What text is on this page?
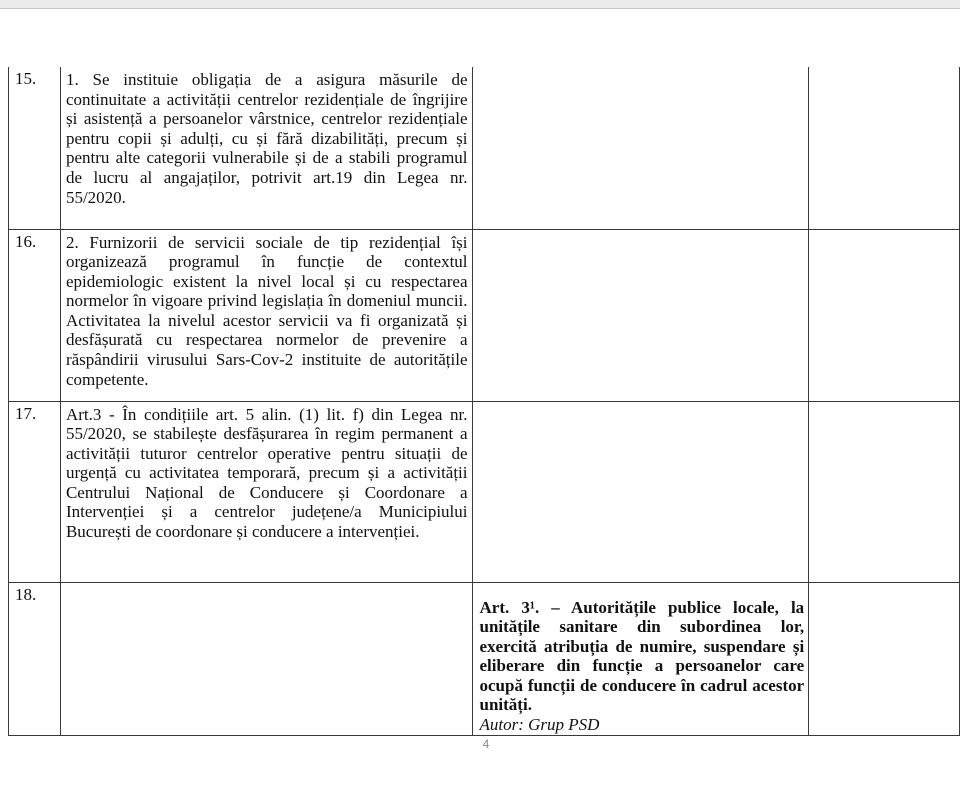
15.	1. Se instituie obligația de a asigura măsurile de continuitate a activității centrelor rezidențiale de îngrijire și asistență a persoanelor vârstnice, centrelor rezidențiale pentru copii și adulți, cu și fără dizabilități, precum și pentru alte categorii vulnerabile și de a stabili programul de lucru al angajaților, potrivit art.19 din Legea nr. 55/2020.		
16.	2. Furnizorii de servicii sociale de tip rezidențial își organizează programul în funcție de contextul epidemiologic existent la nivel local și cu respectarea normelor în vigoare privind legislația în domeniul muncii. Activitatea la nivelul acestor servicii va fi organizată și desfășurată cu respectarea normelor de prevenire a răspândirii virusului Sars-Cov-2 instituite de autoritățile competente.		
17.	Art.3 - În condițiile art. 5 alin. (1) lit. f) din Legea nr. 55/2020, se stabilește desfășurarea în regim permanent a activității tuturor centrelor operative pentru situații de urgență cu activitatea temporară, precum și a activității Centrului Național de Conducere și Coordonare a Intervenției și a centrelor județene/a Municipiului București de coordonare și conducere a intervenției.		
18.		Art. 3¹. – Autoritățile publice locale, la unitățile sanitare din subordinea lor, exercită atribuția de numire, suspendare și eliberare din funcție a persoanelor care ocupă funcții de conducere în cadrul acestor unități.
Autor: Grup PSD	

4
